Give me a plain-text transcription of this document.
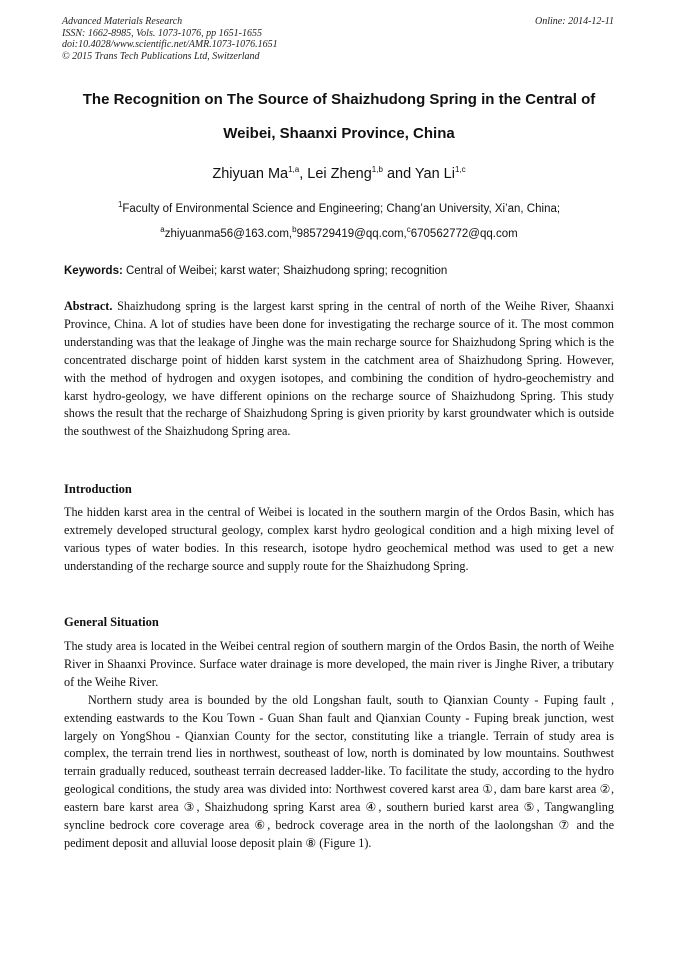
Advanced Materials Research
ISSN: 1662-8985, Vols. 1073-1076, pp 1651-1655
doi:10.4028/www.scientific.net/AMR.1073-1076.1651
© 2015 Trans Tech Publications Ltd, Switzerland
Online: 2014-12-11
The Recognition on The Source of Shaizhudong Spring in the Central of
Weibei, Shaanxi Province, China
Zhiyuan Ma$^{1,a}$, Lei Zheng$^{1,b}$ and Yan Li$^{1,c}$
$^1$Faculty of Environmental Science and Engineering; Chang’an University, Xi’an, China;
$^a$zhiyuanma56@163.com,$^b$985729419@qq.com,$^c$670562772@qq.com
Keywords: Central of Weibei; karst water; Shaizhudong spring; recognition

Abstract. Shaizhudong spring is the largest karst spring in the central of north of the Weihe River, Shaanxi Province, China. A lot of studies have been done for investigating the recharge source of it. The most common understanding was that the leakage of Jinghe was the main recharge source for Shaizhudong Spring which is the concentrated discharge point of hidden karst system in the catchment area of Shaizhudong Spring. However, with the method of hydrogen and oxygen isotopes, and combining the condition of hydro-geochemistry and karst hydro-geology, we have different opinions on the recharge source of Shaizhudong Spring. This study shows the result that the recharge of Shaizhudong Spring is given priority by karst groundwater which is outside the southwest of the Shaizhudong Spring area.

Introduction

The hidden karst area in the central of Weibei is located in the southern margin of the Ordos Basin, which has extremely developed structural geology, complex karst hydro geological condition and a high mixing level of various types of water bodies. In this research, isotope hydro geochemical method was used to get a new understanding of the recharge source and supply route for the Shaizhudong Spring.

General Situation

The study area is located in the Weibei central region of southern margin of the Ordos Basin, the north of Weihe River in Shaanxi Province. Surface water drainage is more developed, the main river is Jinghe River, a tributary of the Weihe River.

Northern study area is bounded by the old Longshan fault, south to Qianxian County - Fuping fault , extending eastwards to the Kou Town - Guan Shan fault and Qianxian County - Fuping break junction, west largely on YongShou - Qianxian County for the sector, constituting like a triangle. Terrain of study area is complex, the terrain trend lies in northwest, southeast of low, north is dominated by low mountains. Southwest terrain gradually reduced, southeast terrain decreased ladder-like. To facilitate the study, according to the hydro geological conditions, the study area was divided into: Northwest covered karst area ①, dam bare karst area ②, eastern bare karst area ③, Shaizhudong spring Karst area ④, southern buried karst area ⑤, Tangwangling syncline bedrock core coverage area ⑥, bedrock coverage area in the north of the laolongshan ⑦ and the pediment deposit and alluvial loose deposit plain ⑧ (Figure 1).
